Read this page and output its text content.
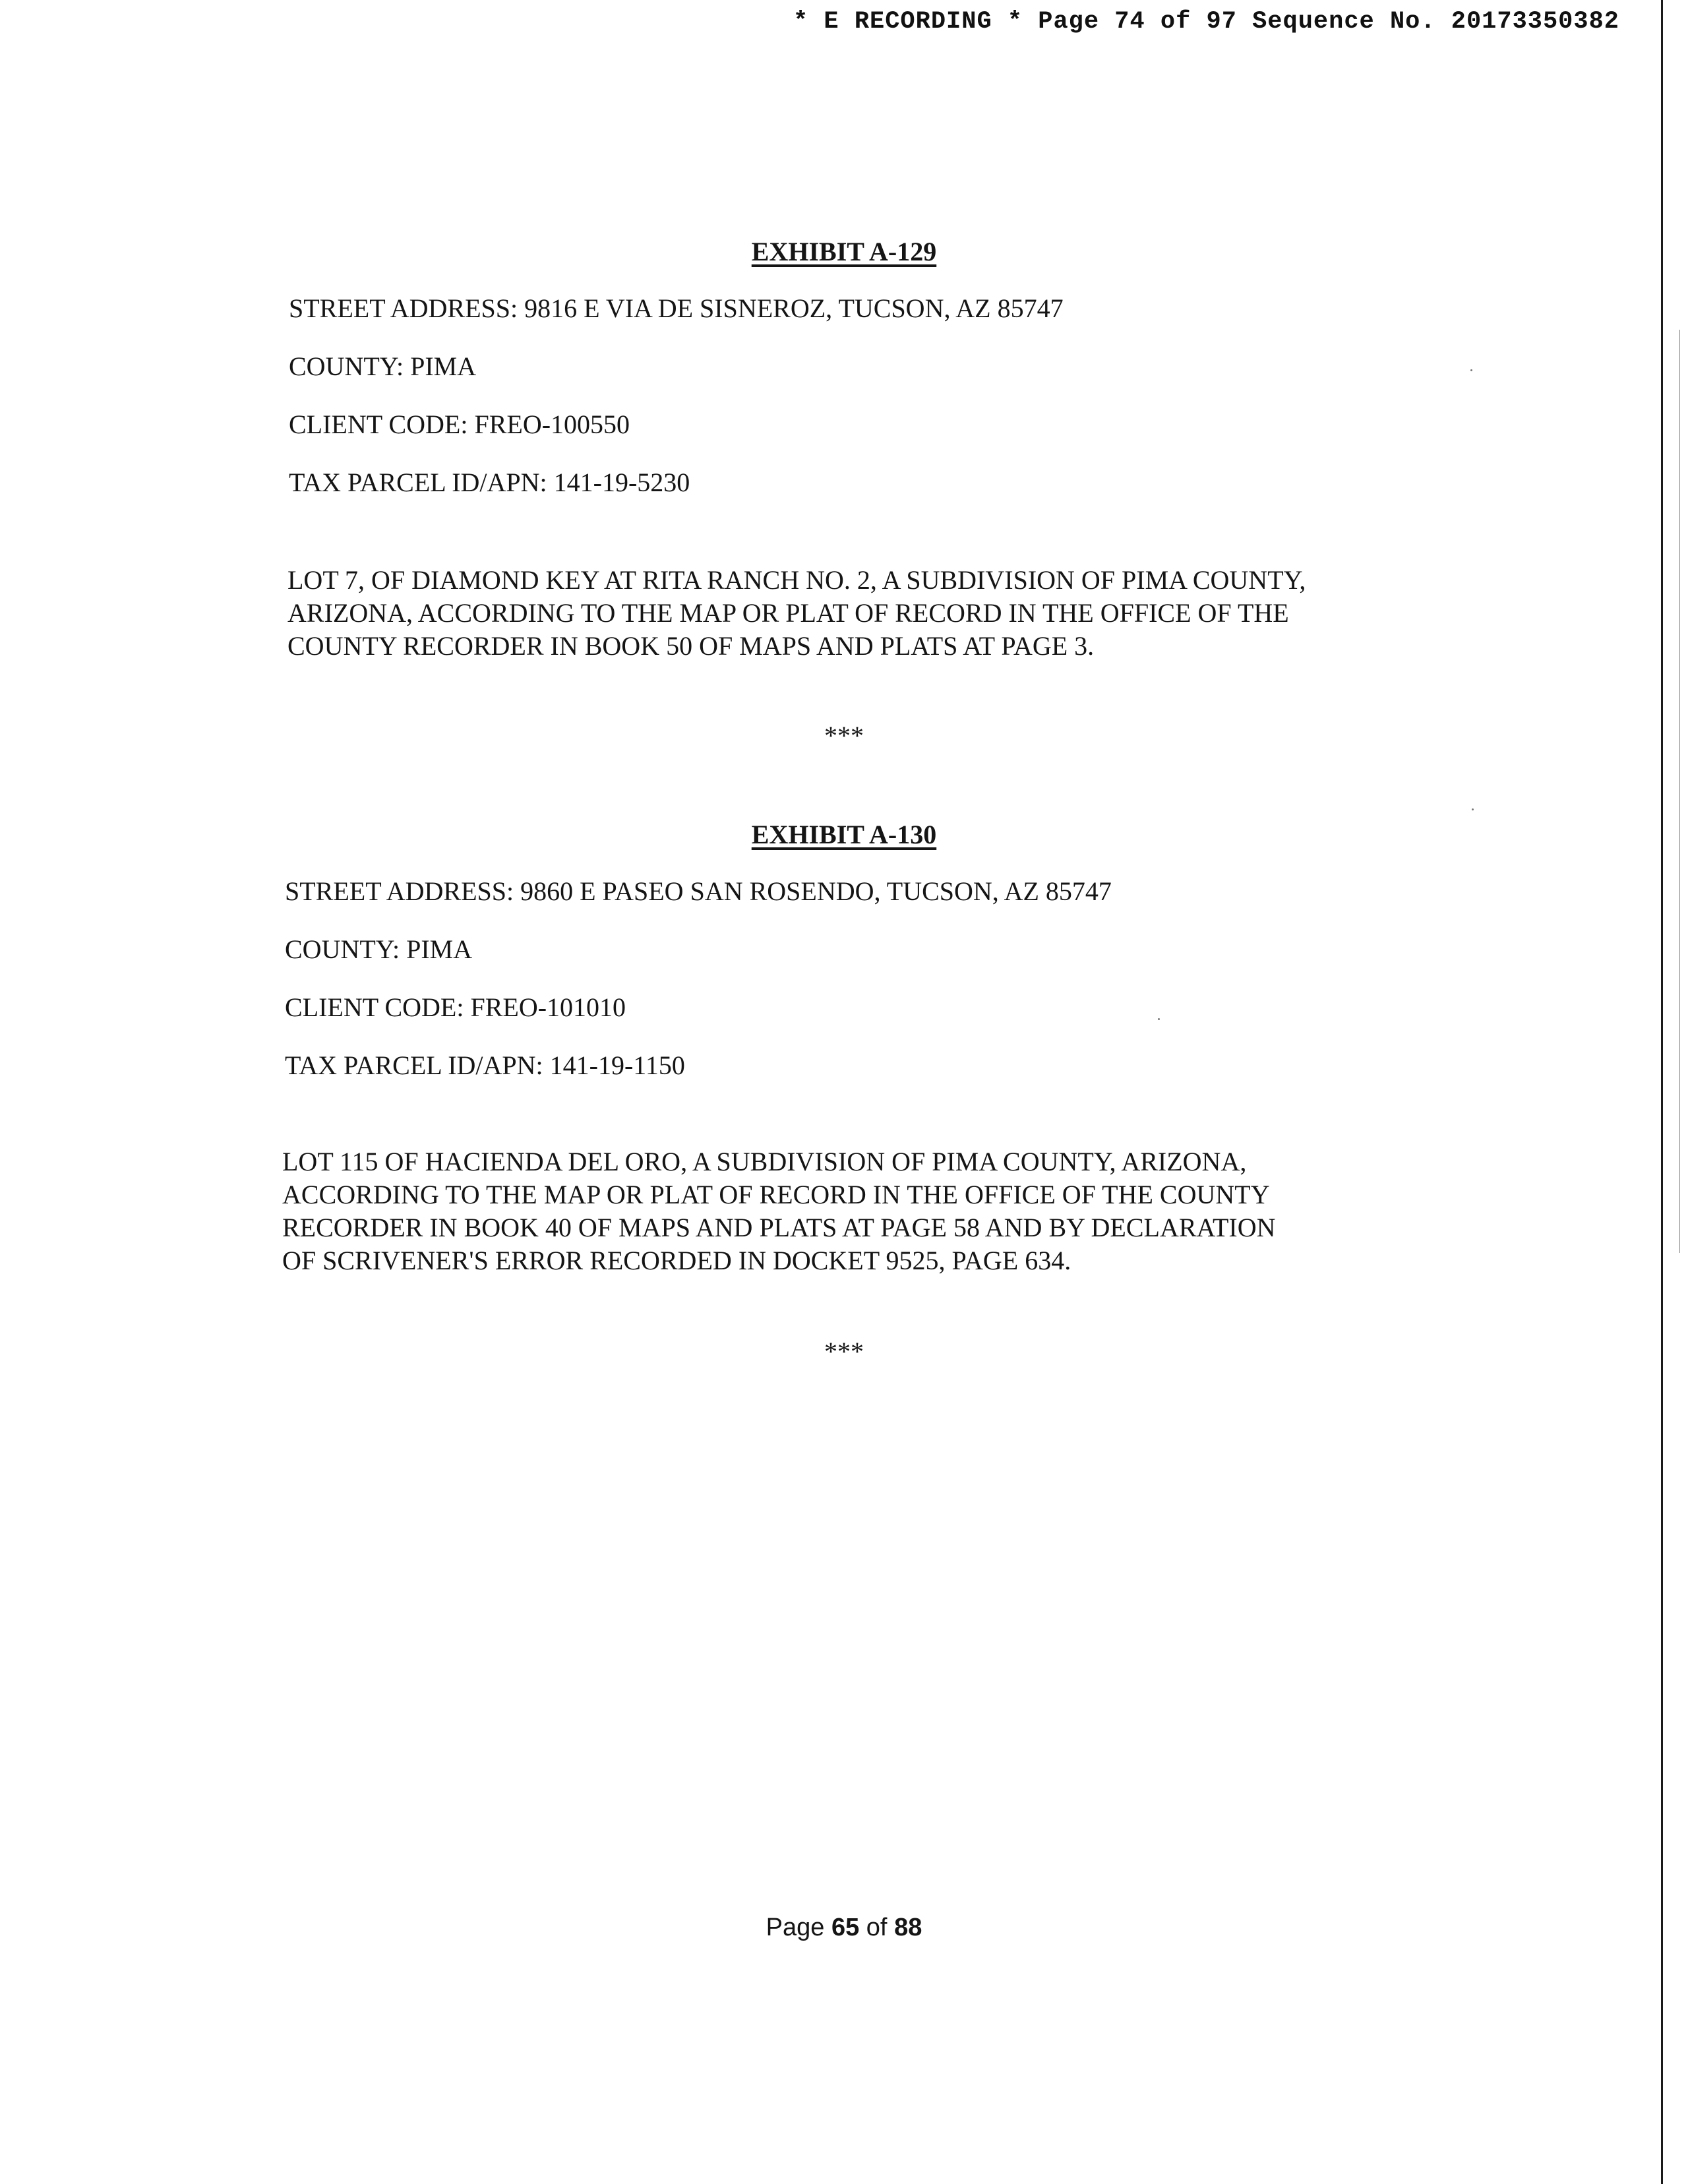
* E RECORDING * Page 74 of 97 Sequence No. 20173350382
EXHIBIT A-129
STREET ADDRESS: 9816 E VIA DE SISNEROZ, TUCSON, AZ 85747
COUNTY: PIMA
CLIENT CODE: FREO-100550
TAX PARCEL ID/APN: 141-19-5230
LOT 7, OF DIAMOND KEY AT RITA RANCH NO. 2, A SUBDIVISION OF PIMA COUNTY,
ARIZONA, ACCORDING TO THE MAP OR PLAT OF RECORD IN THE OFFICE OF THE
COUNTY RECORDER IN BOOK 50 OF MAPS AND PLATS AT PAGE 3.
***
EXHIBIT A-130
STREET ADDRESS: 9860 E PASEO SAN ROSENDO, TUCSON, AZ 85747
COUNTY: PIMA
CLIENT CODE: FREO-101010
TAX PARCEL ID/APN: 141-19-1150
LOT 115 OF HACIENDA DEL ORO, A SUBDIVISION OF PIMA COUNTY, ARIZONA,
ACCORDING TO THE MAP OR PLAT OF RECORD IN THE OFFICE OF THE COUNTY
RECORDER IN BOOK 40 OF MAPS AND PLATS AT PAGE 58 AND BY DECLARATION
OF SCRIVENER'S ERROR RECORDED IN DOCKET 9525, PAGE 634.
***
Page 65 of 88
